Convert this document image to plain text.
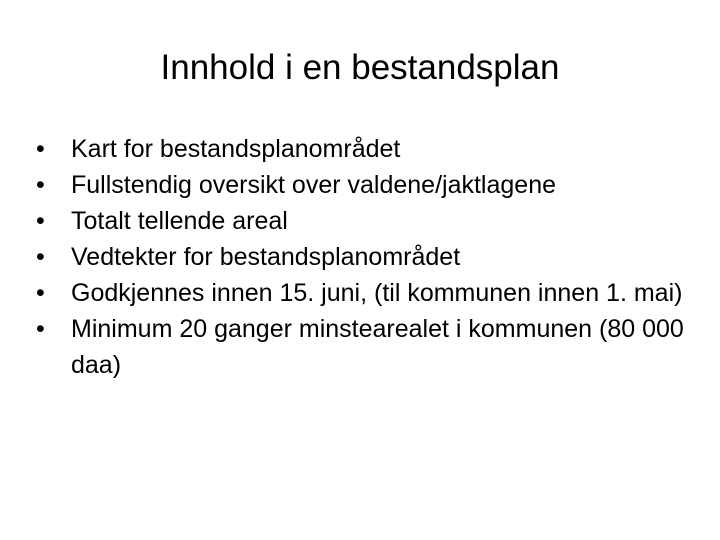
Innhold i en bestandsplan
•	Kart for bestandsplanområdet
•	Fullstendig oversikt over valdene/jaktlagene
•	Totalt tellende areal
•	Vedtekter for bestandsplanområdet
•	Godkjennes innen 15. juni, (til kommunen innen 1. mai)
•	Minimum 20 ganger minstearealet i kommunen (80 000 daa)
